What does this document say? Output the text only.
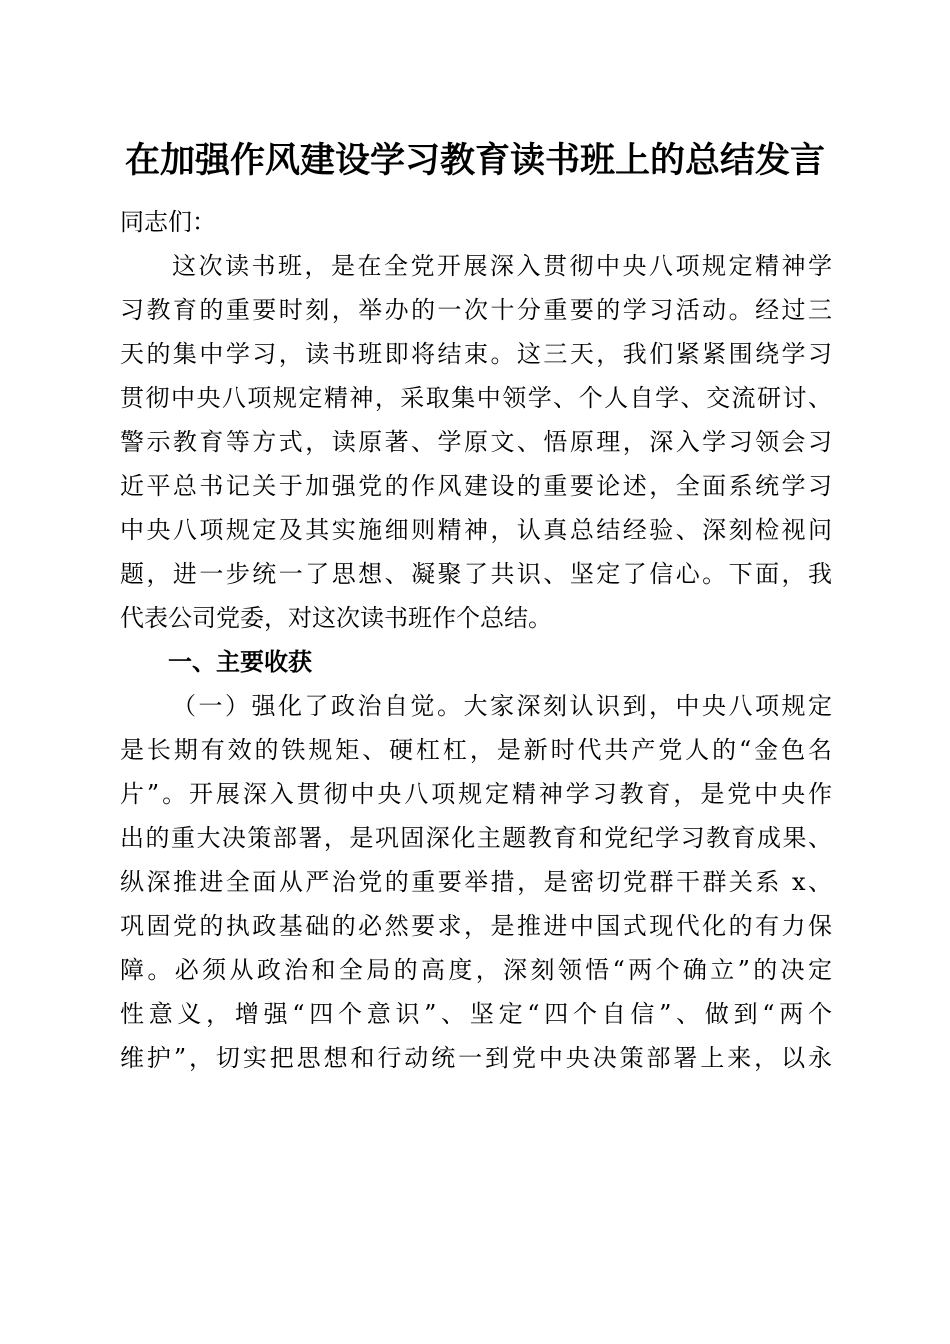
在加强作风建设学习教育读书班上的总结发言
同志们：
这次读书班，是在全党开展深入贯彻中央八项规定精神学
习教育的重要时刻，举办的一次十分重要的学习活动。经过三
天的集中学习，读书班即将结束。这三天，我们紧紧围绕学习
贯彻中央八项规定精神，采取集中领学、个人自学、交流研讨、
警示教育等方式，读原著、学原文、悟原理，深入学习领会习
近平总书记关于加强党的作风建设的重要论述，全面系统学习
中央八项规定及其实施细则精神，认真总结经验、深刻检视问
题，进一步统一了思想、凝聚了共识、坚定了信心。下面，我
代表公司党委，对这次读书班作个总结。
一、主要收获
（一）强化了政治自觉。大家深刻认识到，中央八项规定
是长期有效的铁规矩、硬杠杠，是新时代共产党人的“金色名
片”。开展深入贯彻中央八项规定精神学习教育，是党中央作
出的重大决策部署，是巩固深化主题教育和党纪学习教育成果、
纵深推进全面从严治党的重要举措，是密切党群干群关系 x、
巩固党的执政基础的必然要求，是推进中国式现代化的有力保
障。必须从政治和全局的高度，深刻领悟“两个确立”的决定
性意义，增强“四个意识”、坚定“四个自信”、做到“两个
维护”，切实把思想和行动统一到党中央决策部署上来，以永
